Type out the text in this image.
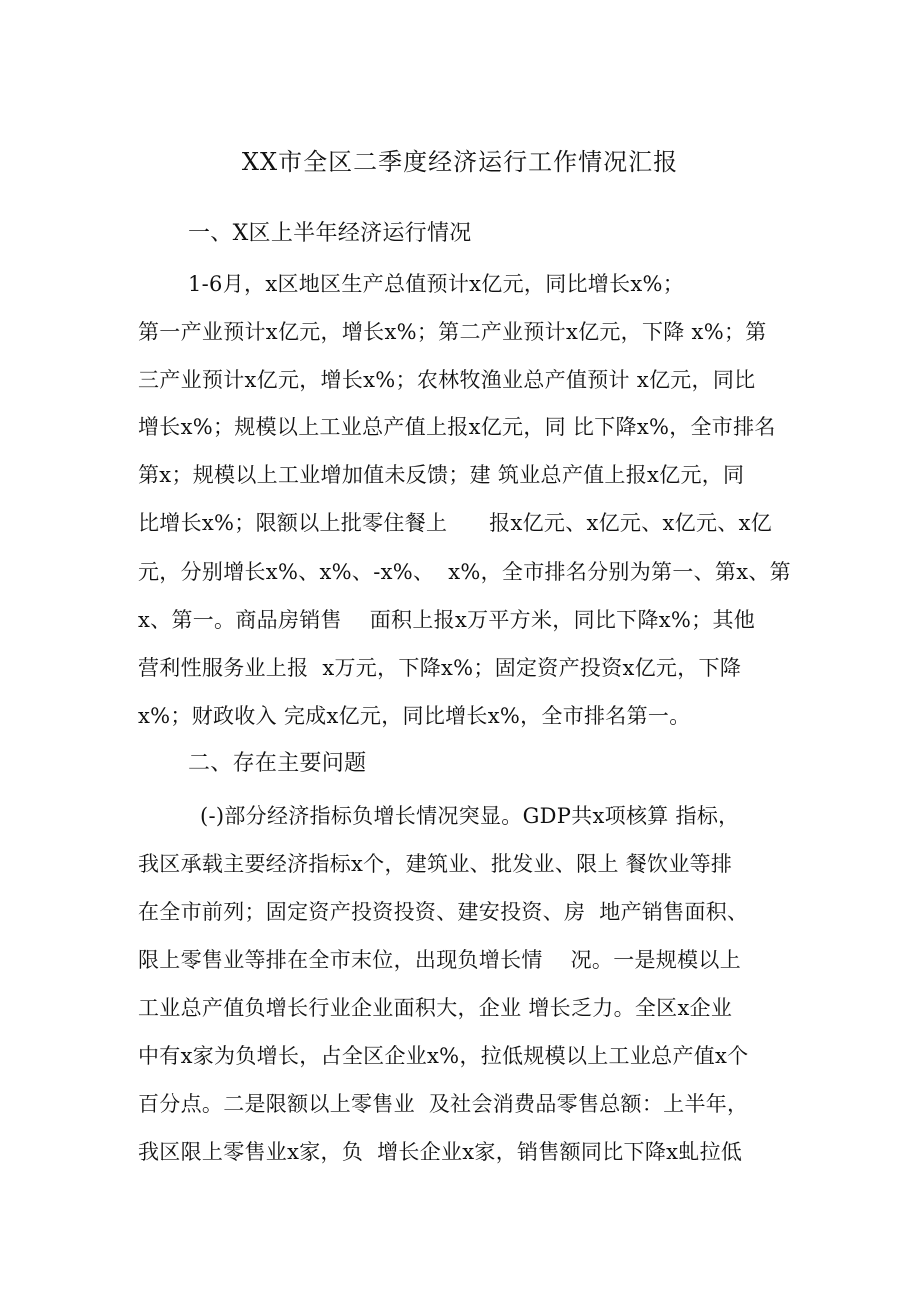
XX市全区二季度经济运行工作情况汇报
一、X区上半年经济运行情况
1-6月，x区地区生产总值预计x亿元，同比增长x%；
第一产业预计x亿元，增长x%；第二产业预计x亿元，下降 x%；第
三产业预计x亿元，增长x%；农林牧渔业总产值预计 x亿元，同比
增长x%；规模以上工业总产值上报x亿元，同 比下降x%，全市排名
第x；规模以上工业增加值未反馈；建 筑业总产值上报x亿元，同
比增长x%；限额以上批零住餐上      报x亿元、x亿元、x亿元、x亿
元，分别增长x%、x%、-x%、  x%，全市排名分别为第一、第x、第
x、第一。商品房销售    面积上报x万平方米，同比下降x%；其他
营利性服务业上报  x万元，下降x%；固定资产投资x亿元，下降
x%；财政收入 完成x亿元，同比增长x%，全市排名第一。
二、存在主要问题
(-)部分经济指标负增长情况突显。GDP共x项核算 指标，
我区承载主要经济指标x个，建筑业、批发业、限上 餐饮业等排
在全市前列；固定资产投资投资、建安投资、房  地产销售面积、
限上零售业等排在全市末位，出现负增长情    况。一是规模以上
工业总产值负增长行业企业面积大，企业 增长乏力。全区x企业
中有x家为负增长，占全区企业x%，拉低规模以上工业总产值x个
百分点。二是限额以上零售业  及社会消费品零售总额：上半年，
我区限上零售业x家，负  增长企业x家，销售额同比下降x虬拉低
